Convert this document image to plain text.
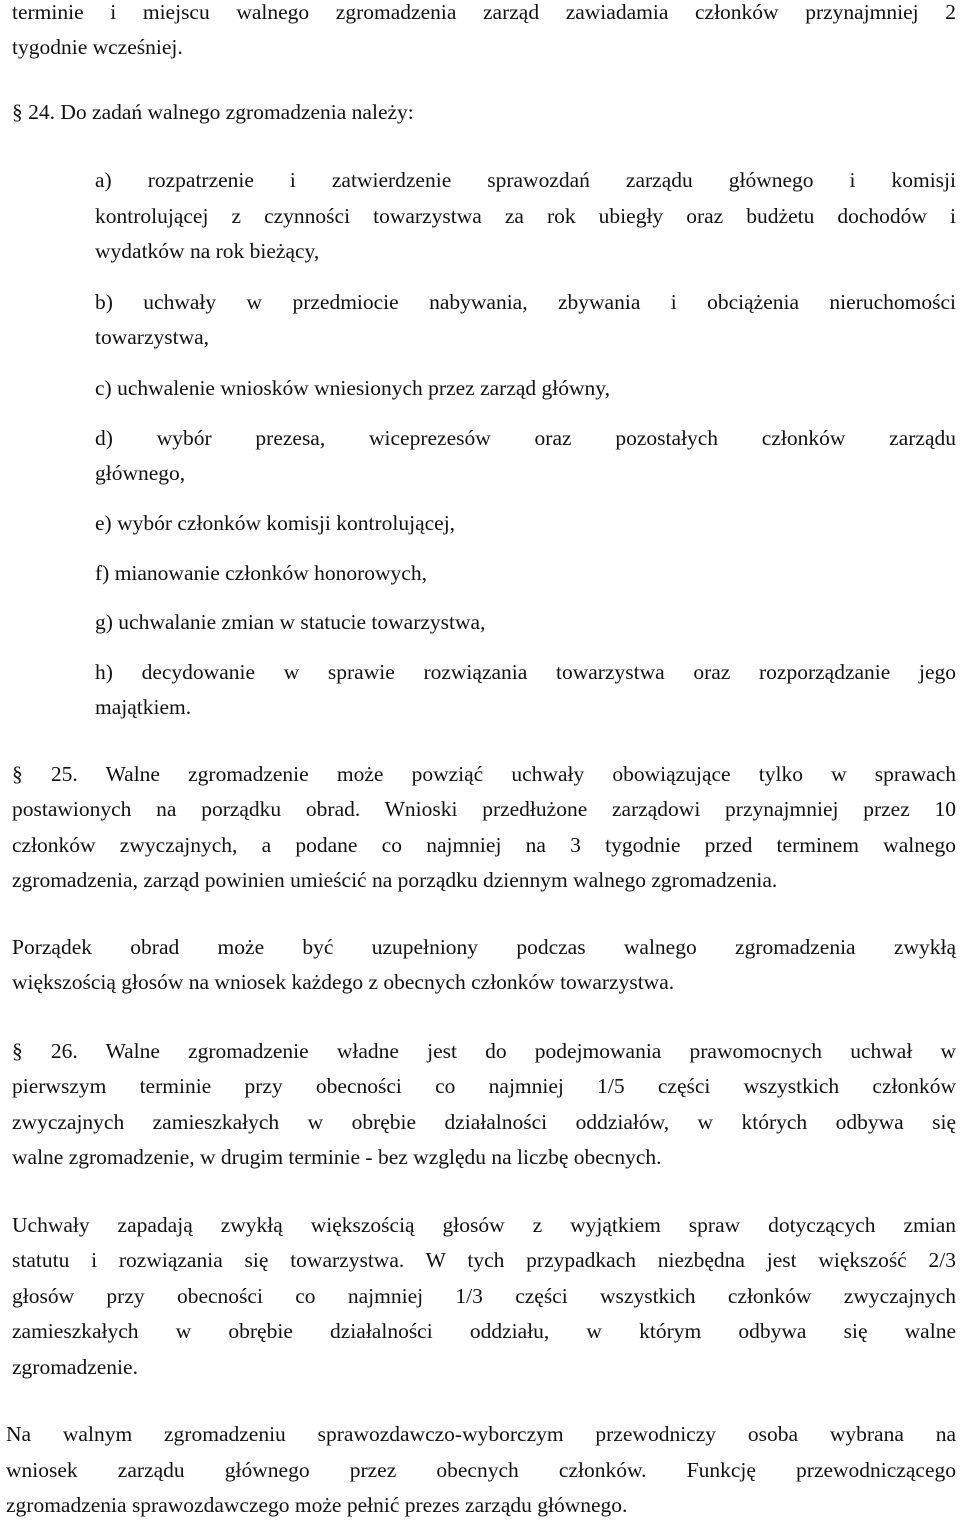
terminie i miejscu walnego zgromadzenia zarząd zawiadamia członków przynajmniej 2
tygodnie wcześniej.
§ 24. Do zadań walnego zgromadzenia należy:
a) rozpatrzenie i zatwierdzenie sprawozdań zarządu głównego i komisji
kontrolującej z czynności towarzystwa za rok ubiegły oraz budżetu dochodów i
wydatków na rok bieżący,
b) uchwały w przedmiocie nabywania, zbywania i obciążenia nieruchomości
towarzystwa,
c) uchwalenie wniosków wniesionych przez zarząd główny,
d) wybór prezesa, wiceprezesów oraz pozostałych członków zarządu
głównego,
e) wybór członków komisji kontrolującej,
f) mianowanie członków honorowych,
g) uchwalanie zmian w statucie towarzystwa,
h) decydowanie w sprawie rozwiązania towarzystwa oraz rozporządzanie jego
majątkiem.
§ 25. Walne zgromadzenie może powziąć uchwały obowiązujące tylko w sprawach
postawionych na porządku obrad. Wnioski przedłużone zarządowi przynajmniej przez 10
członków zwyczajnych, a podane co najmniej na 3 tygodnie przed terminem walnego
zgromadzenia, zarząd powinien umieścić na porządku dziennym walnego zgromadzenia.
Porządek obrad może być uzupełniony podczas walnego zgromadzenia zwykłą
większością głosów na wniosek każdego z obecnych członków towarzystwa.
§ 26. Walne zgromadzenie władne jest do podejmowania prawomocnych uchwał w
pierwszym terminie przy obecności co najmniej 1/5 części wszystkich członków
zwyczajnych zamieszkałych w obrębie działalności oddziałów, w których odbywa się
walne zgromadzenie, w drugim terminie - bez względu na liczbę obecnych.
Uchwały zapadają zwykłą większością głosów z wyjątkiem spraw dotyczących zmian
statutu i rozwiązania się towarzystwa. W tych przypadkach niezbędna jest większość 2/3
głosów przy obecności co najmniej 1/3 części wszystkich członków zwyczajnych
zamieszkałych w obrębie działalności oddziału, w którym odbywa się walne
zgromadzenie.
Na walnym zgromadzeniu sprawozdawczo-wyborczym przewodniczy osoba wybrana na
wniosek zarządu głównego przez obecnych członków. Funkcję przewodniczącego
zgromadzenia sprawozdawczego może pełnić prezes zarządu głównego.
